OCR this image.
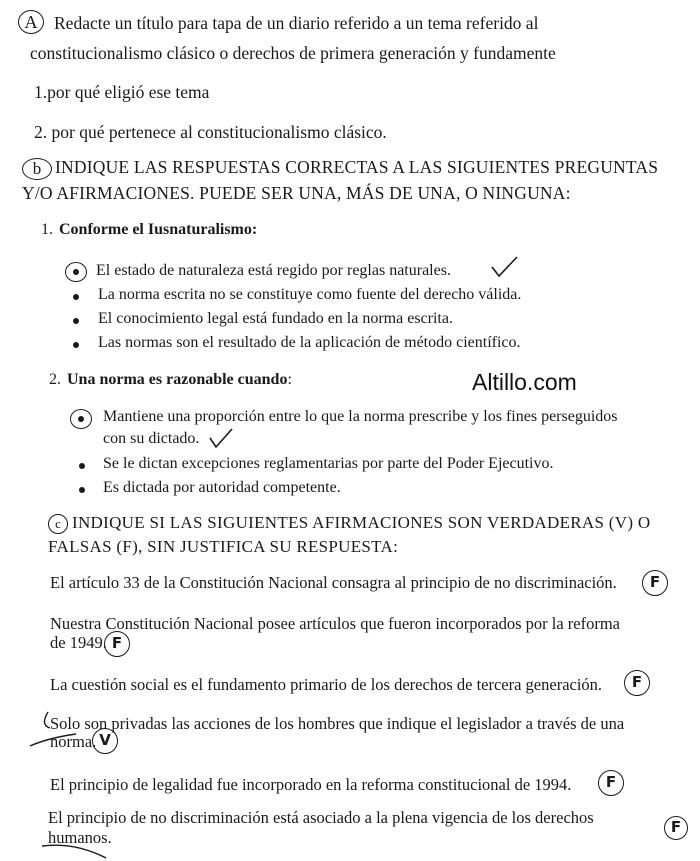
A Redacte un título para tapa de un diario referido a un tema referido al
constitucionalismo clásico o derechos de primera generación y fundamente
1.por qué eligió ese tema
2. por qué pertenece al constitucionalismo clásico.
b INDIQUE LAS RESPUESTAS CORRECTAS A LAS SIGUIENTES PREGUNTAS
Y/O AFIRMACIONES. PUEDE SER UNA, MÁS DE UNA, O NINGUNA:
1. Conforme el Iusnaturalismo:
El estado de naturaleza está regido por reglas naturales.
La norma escrita no se constituye como fuente del derecho válida.
El conocimiento legal está fundado en la norma escrita.
Las normas son el resultado de la aplicación de método científico.
2. Una norma es razonable cuando:
Mantiene una proporción entre lo que la norma prescribe y los fines perseguidos
con su dictado.
Se le dictan excepciones reglamentarias por parte del Poder Ejecutivo.
Es dictada por autoridad competente.
Altillo.com
c INDIQUE SI LAS SIGUIENTES AFIRMACIONES SON VERDADERAS (V) O
FALSAS (F), SIN JUSTIFICA SU RESPUESTA:
El artículo 33 de la Constitución Nacional consagra al principio de no discriminación.	F
Nuestra Constitución Nacional posee artículos que fueron incorporados por la reforma
de 1949. F
La cuestión social es el fundamento primario de los derechos de tercera generación.	F
Solo son privadas las acciones de los hombres que indique el legislador a través de una
norma. V
El principio de legalidad fue incorporado en la reforma constitucional de 1994.	F
El principio de no discriminación está asociado a la plena vigencia de los derechos
humanos.
F
